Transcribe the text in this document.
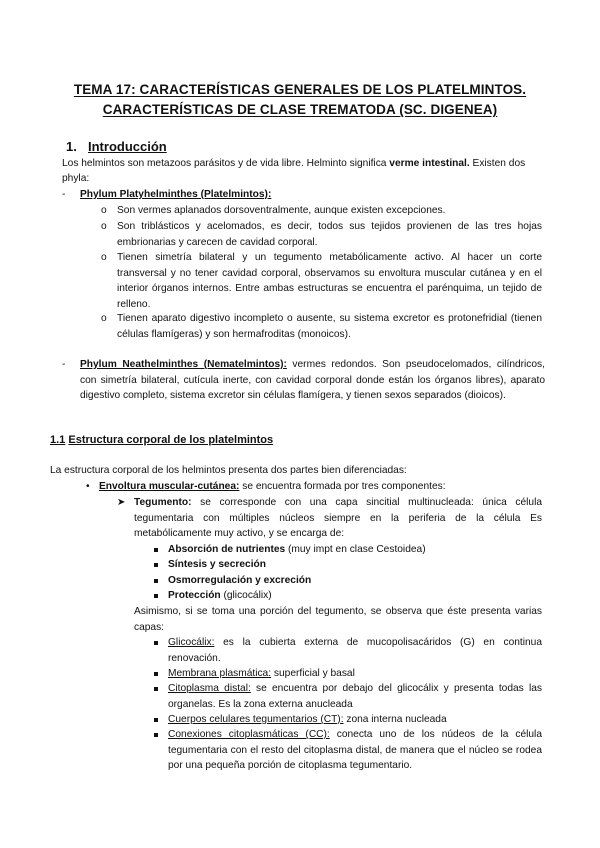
TEMA 17: CARACTERÍSTICAS GENERALES DE LOS PLATELMINTOS.
CARACTERÍSTICAS DE CLASE TREMATODA (SC. DIGENEA)
1. Introducción
Los helmintos son metazoos parásitos y de vida libre. Helminto significa verme intestinal. Existen dos
phyla:
- Phylum Platyhelminthes (Platelmintos):
o Son vermes aplanados dorsoventralmente, aunque existen excepciones.
o Son triblásticos y acelomados, es decir, todos sus tejidos provienen de las tres hojas embrionarias y carecen de cavidad corporal.
o Tienen simetría bilateral y un tegumento metabólicamente activo. Al hacer un corte transversal y no tener cavidad corporal, observamos su envoltura muscular cutánea y en el interior órganos internos. Entre ambas estructuras se encuentra el parénquima, un tejido de relleno.
o Tienen aparato digestivo incompleto o ausente, su sistema excretor es protonefridial (tienen células flamígeras) y son hermafroditas (monoicos).
- Phylum Neathelminthes (Nematelmintos): vermes redondos. Son pseudocelomados, cilíndricos, con simetría bilateral, cutícula inerte, con cavidad corporal donde están los órganos libres), aparato digestivo completo, sistema excretor sin células flamígera, y tienen sexos separados (dioicos).
1.1 Estructura corporal de los platelmintos
La estructura corporal de los helmintos presenta dos partes bien diferenciadas:
• Envoltura muscular-cutánea: se encuentra formada por tres componentes:
➤ Tegumento: se corresponde con una capa sincitial multinucleada: única célula tegumentaria con múltiples núcleos siempre en la periferia de la célula Es metabólicamente muy activo, y se encarga de:
Absorción de nutrientes (muy impt en clase Cestoidea)
Síntesis y secreción
Osmorregulación y excreción
Protección (glicocálix)
Asimismo, si se toma una porción del tegumento, se observa que éste presenta varias capas:
Glicocálix: es la cubierta externa de mucopolisacáridos (G) en continua renovación.
Membrana plasmática: superficial y basal
Citoplasma distal: se encuentra por debajo del glicocálix y presenta todas las organelas. Es la zona externa anucleada
Cuerpos celulares tegumentarios (CT): zona interna nucleada
Conexiones citoplasmáticas (CC): conecta uno de los núdeos de la célula tegumentaria con el resto del citoplasma distal, de manera que el núcleo se rodea por una pequeña porción de citoplasma tegumentario.
